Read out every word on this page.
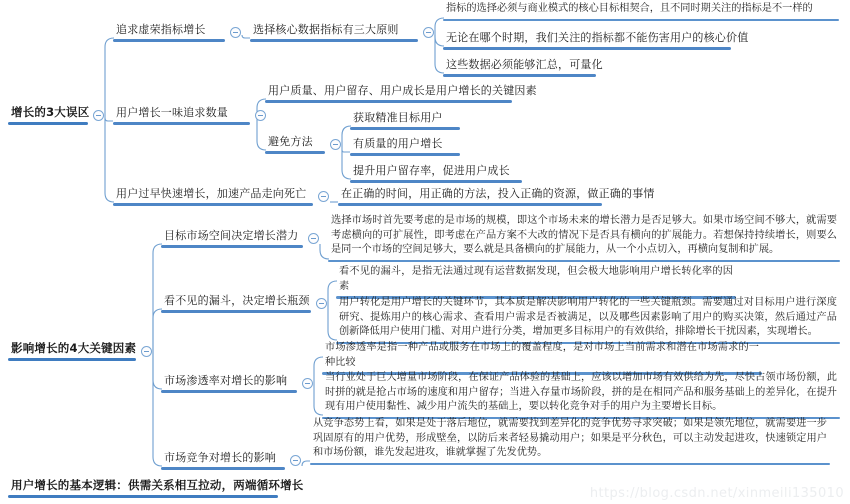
增长的3大误区
追求虚荣指标增长	选择核心数据指标有三大原则
指标的选择必须与商业模式的核心目标相契合，且不同时期关注的指标是不一样的
无论在哪个时期，我们关注的指标都不能伤害用户的核心价值
这些数据必须能够汇总，可量化
用户增长一味追求数量
用户质量、用户留存、用户成长是用户增长的关键因素
避免方法
获取精准目标用户
有质量的用户增长
提升用户留存率，促进用户成长
用户过早快速增长，加速产品走向死亡	在正确的时间，用正确的方法，投入正确的资源，做正确的事情
影响增长的4大关键因素
目标市场空间决定增长潜力
选择市场时首先要考虑的是市场的规模，即这个市场未来的增长潜力是否足够大。如果市场空间不够大，就需要考虑横向的可扩展性，即考虑在产品方案不大改的情况下是否具有横向的扩展能力。若想保持持续增长，则要么是同一个市场的空间足够大，要么就是具备横向的扩展能力，从一个小点切入，再横向复制和扩展。
看不见的漏斗，决定增长瓶颈
看不见的漏斗，是指无法通过现有运营数据发现，但会极大地影响用户增长转化率的因素
用户转化是用户增长的关键环节，其本质是解决影响用户转化的一些关键瓶颈。需要通过对目标用户进行深度研究、提炼用户的核心需求、查看用户需求是否被满足，以及哪些因素影响了用户的购买决策，然后通过产品创新降低用户使用门槛、对用户进行分类，增加更多目标用户的有效供给，排除增长干扰因素，实现增长。
市场渗透率对增长的影响
市场渗透率是指一种产品或服务在市场上的覆盖程度，是对市场上当前需求和潜在市场需求的一种比较
当行业处于巨大增量市场阶段，在保证产品体验的基础上，应该以增加市场有效供给为先，尽快占领市场份额，此时拼的就是抢占市场的速度和用户留存；当进入存量市场阶段，拼的是在相同产品和服务基础上的差异化，在提升现有用户使用黏性、减少用户流失的基础上，要以转化竞争对手的用户为主要增长目标。
市场竞争对增长的影响
从竞争态势上看，如果是处于落后地位，就需要找到差异化的竞争优势寻求突破；如果是领先地位，就需要进一步巩固原有的用户优势，形成壁垒，以防后来者轻易撬动用户；如果是平分秋色，可以主动发起进攻，快速锁定用户和市场份额，谁先发起进攻，谁就掌握了先发优势。
用户增长的基本逻辑：供需关系相互拉动，两端循环增长
https://blog.csdn.net/xinmeili135010
